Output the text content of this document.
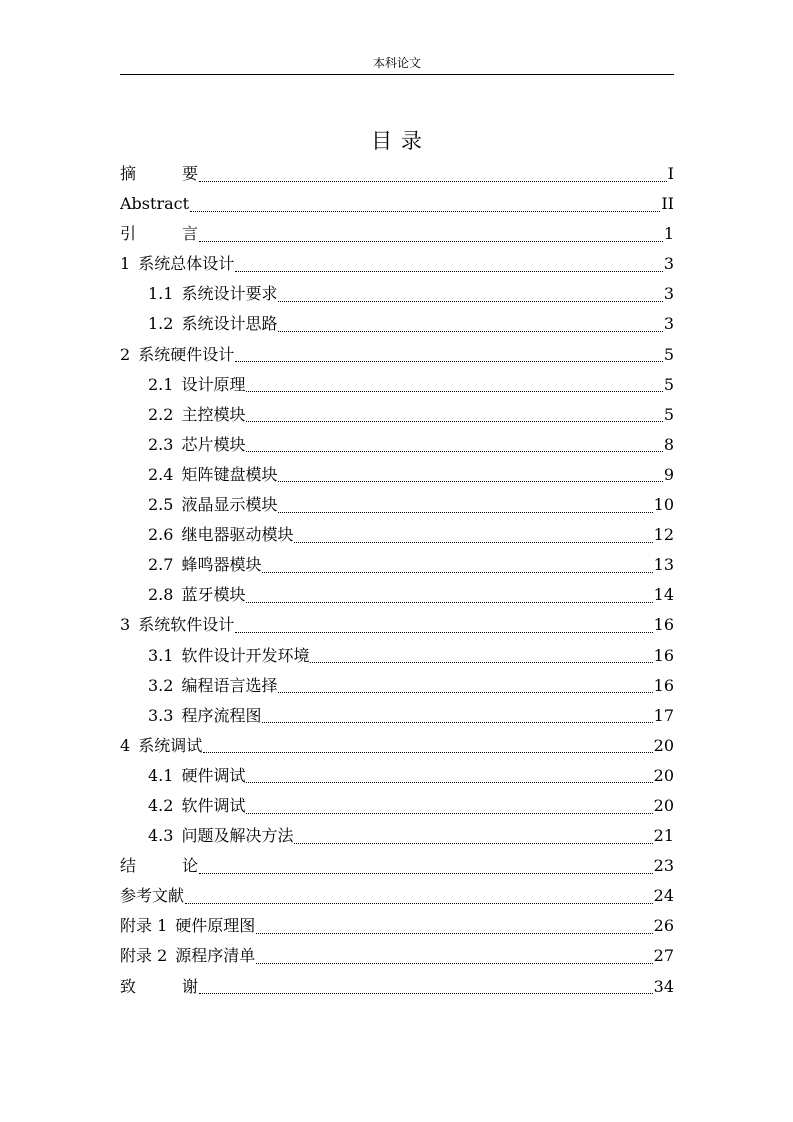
本科论文
目 录
摘	要	I
Abstract	II
引	言	1
1 系统总体设计	3
1.1 系统设计要求	3
1.2 系统设计思路	3
2 系统硬件设计	5
2.1 设计原理	5
2.2 主控模块	5
2.3 芯片模块	8
2.4 矩阵键盘模块	9
2.5 液晶显示模块	10
2.6 继电器驱动模块	12
2.7 蜂鸣器模块	13
2.8 蓝牙模块	14
3 系统软件设计	16
3.1 软件设计开发环境	16
3.2 编程语言选择	16
3.3 程序流程图	17
4 系统调试	20
4.1 硬件调试	20
4.2 软件调试	20
4.3 问题及解决方法	21
结	论	23
参考文献	24
附录 1 硬件原理图	26
附录 2 源程序清单	27
致	谢	34
